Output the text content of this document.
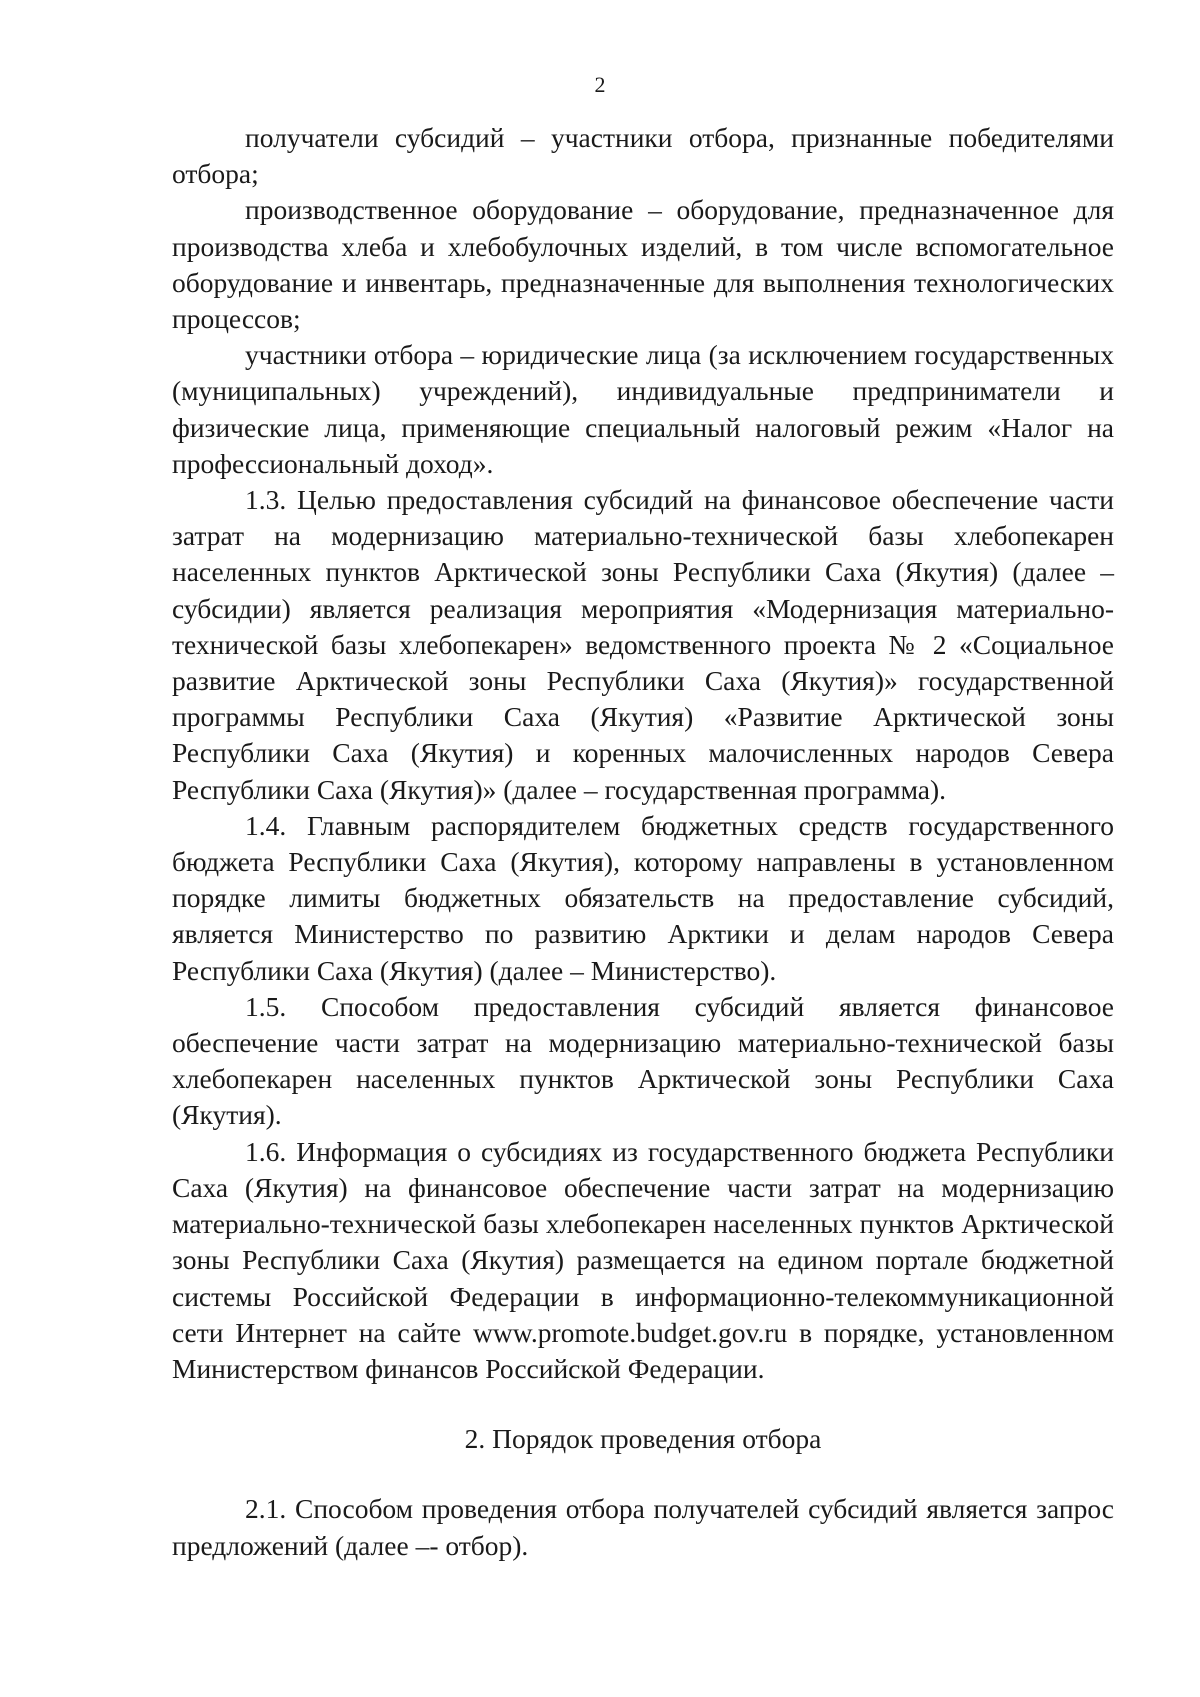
2

получатели субсидий – участники отбора, признанные победителями отбора;

производственное оборудование – оборудование, предназначенное для производства хлеба и хлебобулочных изделий, в том числе вспомогательное оборудование и инвентарь, предназначенные для выполнения технологических процессов;

участники отбора – юридические лица (за исключением государственных (муниципальных) учреждений), индивидуальные предприниматели и физические лица, применяющие специальный налоговый режим «Налог на профессиональный доход».

1.3. Целью предоставления субсидий на финансовое обеспечение части затрат на модернизацию материально-технической базы хлебопекарен населенных пунктов Арктической зоны Республики Саха (Якутия) (далее – субсидии) является реализация мероприятия «Модернизация материально-технической базы хлебопекарен» ведомственного проекта № 2 «Социальное развитие Арктической зоны Республики Саха (Якутия)» государственной программы Республики Саха (Якутия) «Развитие Арктической зоны Республики Саха (Якутия) и коренных малочисленных народов Севера Республики Саха (Якутия)» (далее – государственная программа).

1.4. Главным распорядителем бюджетных средств государственного бюджета Республики Саха (Якутия), которому направлены в установленном порядке лимиты бюджетных обязательств на предоставление субсидий, является Министерство по развитию Арктики и делам народов Севера Республики Саха (Якутия) (далее – Министерство).

1.5. Способом предоставления субсидий является финансовое обеспечение части затрат на модернизацию материально-технической базы хлебопекарен населенных пунктов Арктической зоны Республики Саха (Якутия).

1.6. Информация о субсидиях из государственного бюджета Республики Саха (Якутия) на финансовое обеспечение части затрат на модернизацию материально-технической базы хлебопекарен населенных пунктов Арктической зоны Республики Саха (Якутия) размещается на едином портале бюджетной системы Российской Федерации в информационно-телекоммуникационной сети Интернет на сайте www.promote.budget.gov.ru в порядке, установленном Министерством финансов Российской Федерации.

2. Порядок проведения отбора

2.1. Способом проведения отбора получателей субсидий является запрос предложений (далее –- отбор).
